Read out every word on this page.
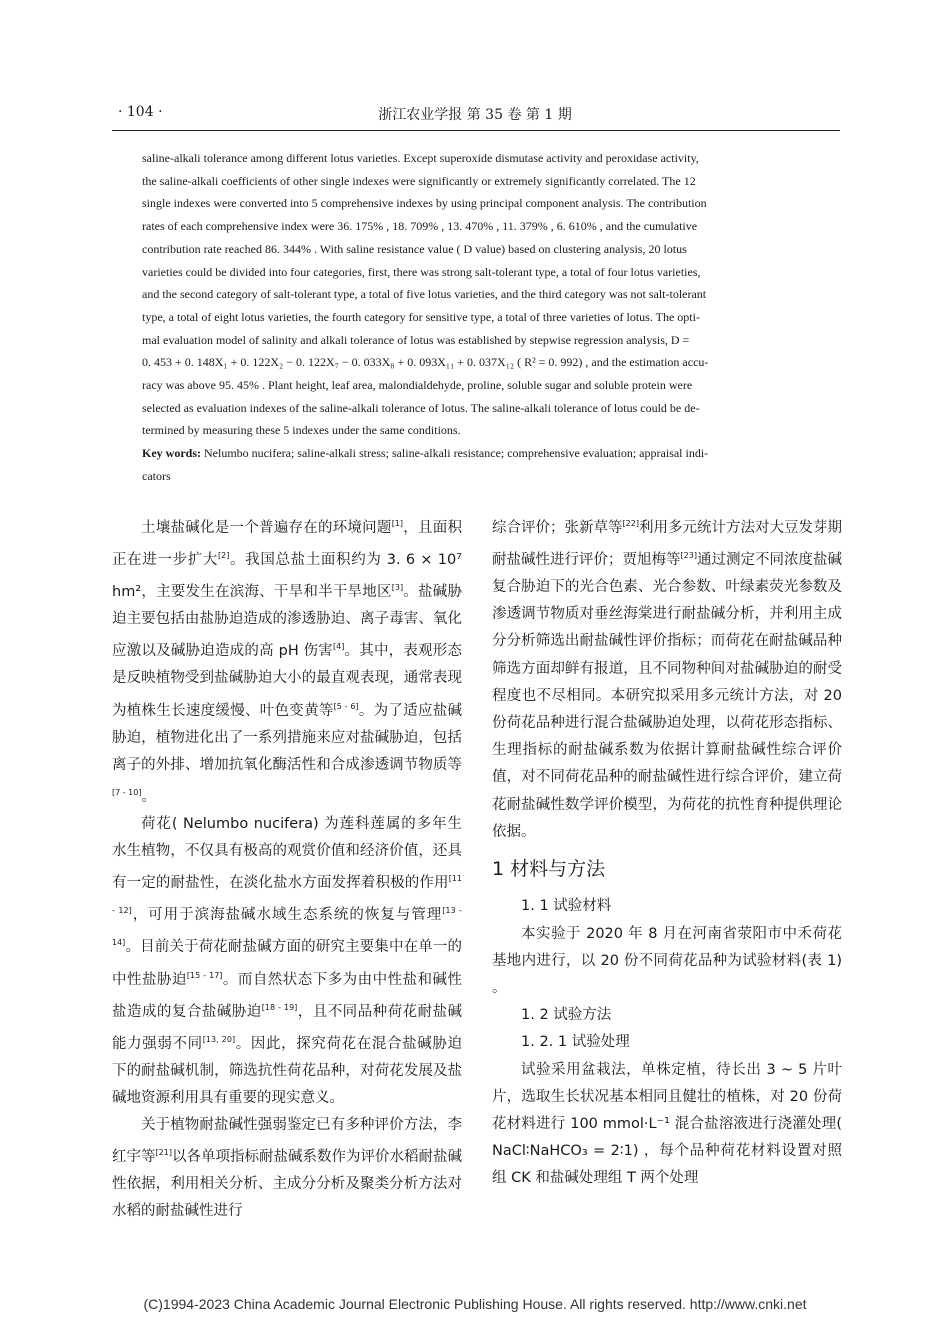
· 104 ·	浙江农业学报 第 35 卷 第 1 期
saline-alkali tolerance among different lotus varieties. Except superoxide dismutase activity and peroxidase activity,
the saline-alkali coefficients of other single indexes were significantly or extremely significantly correlated. The 12
single indexes were converted into 5 comprehensive indexes by using principal component analysis. The contribution
rates of each comprehensive index were 36. 175% , 18. 709% , 13. 470% , 11. 379% , 6. 610% , and the cumulative
contribution rate reached 86. 344% . With saline resistance value ( D value) based on clustering analysis, 20 lotus
varieties could be divided into four categories, first, there was strong salt-tolerant type, a total of four lotus varieties,
and the second category of salt-tolerant type, a total of five lotus varieties, and the third category was not salt-tolerant
type, a total of eight lotus varieties, the fourth category for sensitive type, a total of three varieties of lotus. The opti-
mal evaluation model of salinity and alkali tolerance of lotus was established by stepwise regression analysis, D =
0. 453 + 0. 148X₁ + 0. 122X₂ − 0. 122X₇ − 0. 033X₈ + 0. 093X₁₁ + 0. 037X₁₂ ( R² = 0. 992) , and the estimation accu-
racy was above 95. 45% . Plant height, leaf area, malondialdehyde, proline, soluble sugar and soluble protein were
selected as evaluation indexes of the saline-alkali tolerance of lotus. The saline-alkali tolerance of lotus could be de-
termined by measuring these 5 indexes under the same conditions.
Key words: Nelumbo nucifera; saline-alkali stress; saline-alkali resistance; comprehensive evaluation; appraisal indi-
cators

土壤盐碱化是一个普遍存在的环境问题[1]，且面积正在进一步扩大[2]。我国总盐土面积约为 3. 6 × 10⁷ hm²，主要发生在滨海、干旱和半干旱地区[3]。盐碱胁迫主要包括由盐胁迫造成的渗透胁迫、离子毒害、氧化应激以及碱胁迫造成的高 pH 伤害[4]。其中，表观形态是反映植物受到盐碱胁迫大小的最直观表现，通常表现为植株生长速度缓慢、叶色变黄等[5 - 6]。为了适应盐碱胁迫，植物进化出了一系列措施来应对盐碱胁迫，包括离子的外排、增加抗氧化酶活性和合成渗透调节物质等[7 - 10]。

荷花( Nelumbo nucifera) 为莲科莲属的多年生水生植物，不仅具有极高的观赏价值和经济价值，还具有一定的耐盐性，在淡化盐水方面发挥着积极的作用[11 - 12]，可用于滨海盐碱水域生态系统的恢复与管理[13 - 14]。目前关于荷花耐盐碱方面的研究主要集中在单一的中性盐胁迫[15 - 17]。而自然状态下多为由中性盐和碱性盐造成的复合盐碱胁迫[18 - 19]，且不同品种荷花耐盐碱能力强弱不同[13, 20]。因此，探究荷花在混合盐碱胁迫下的耐盐碱机制，筛选抗性荷花品种，对荷花发展及盐碱地资源利用具有重要的现实意义。

关于植物耐盐碱性强弱鉴定已有多种评价方法，李红宇等[21]以各单项指标耐盐碱系数作为评价水稻耐盐碱性依据，利用相关分析、主成分分析及聚类分析方法对水稻的耐盐碱性进行

综合评价；张新草等[22]利用多元统计方法对大豆发芽期耐盐碱性进行评价；贾旭梅等[23]通过测定不同浓度盐碱复合胁迫下的光合色素、光合参数、叶绿素荧光参数及渗透调节物质对垂丝海棠进行耐盐碱分析，并利用主成分分析筛选出耐盐碱性评价指标；而荷花在耐盐碱品种筛选方面却鲜有报道，且不同物种间对盐碱胁迫的耐受程度也不尽相同。本研究拟采用多元统计方法，对 20 份荷花品种进行混合盐碱胁迫处理，以荷花形态指标、生理指标的耐盐碱系数为依据计算耐盐碱性综合评价值，对不同荷花品种的耐盐碱性进行综合评价，建立荷花耐盐碱性数学评价模型，为荷花的抗性育种提供理论依据。

1 材料与方法

1. 1 试验材料

本实验于 2020 年 8 月在河南省荥阳市中禾荷花基地内进行，以 20 份不同荷花品种为试验材料(表 1) 。

1. 2 试验方法

1. 2. 1 试验处理

试验采用盆栽法，单株定植，待长出 3 ~ 5 片叶片，选取生长状况基本相同且健壮的植株，对 20 份荷花材料进行 100 mmol·L⁻¹ 混合盐溶液进行浇灌处理( NaCl∶NaHCO₃ = 2∶1) ，每个品种荷花材料设置对照组 CK 和盐碱处理组 T 两个处理

(C)1994-2023 China Academic Journal Electronic Publishing House. All rights reserved. http://www.cnki.net
